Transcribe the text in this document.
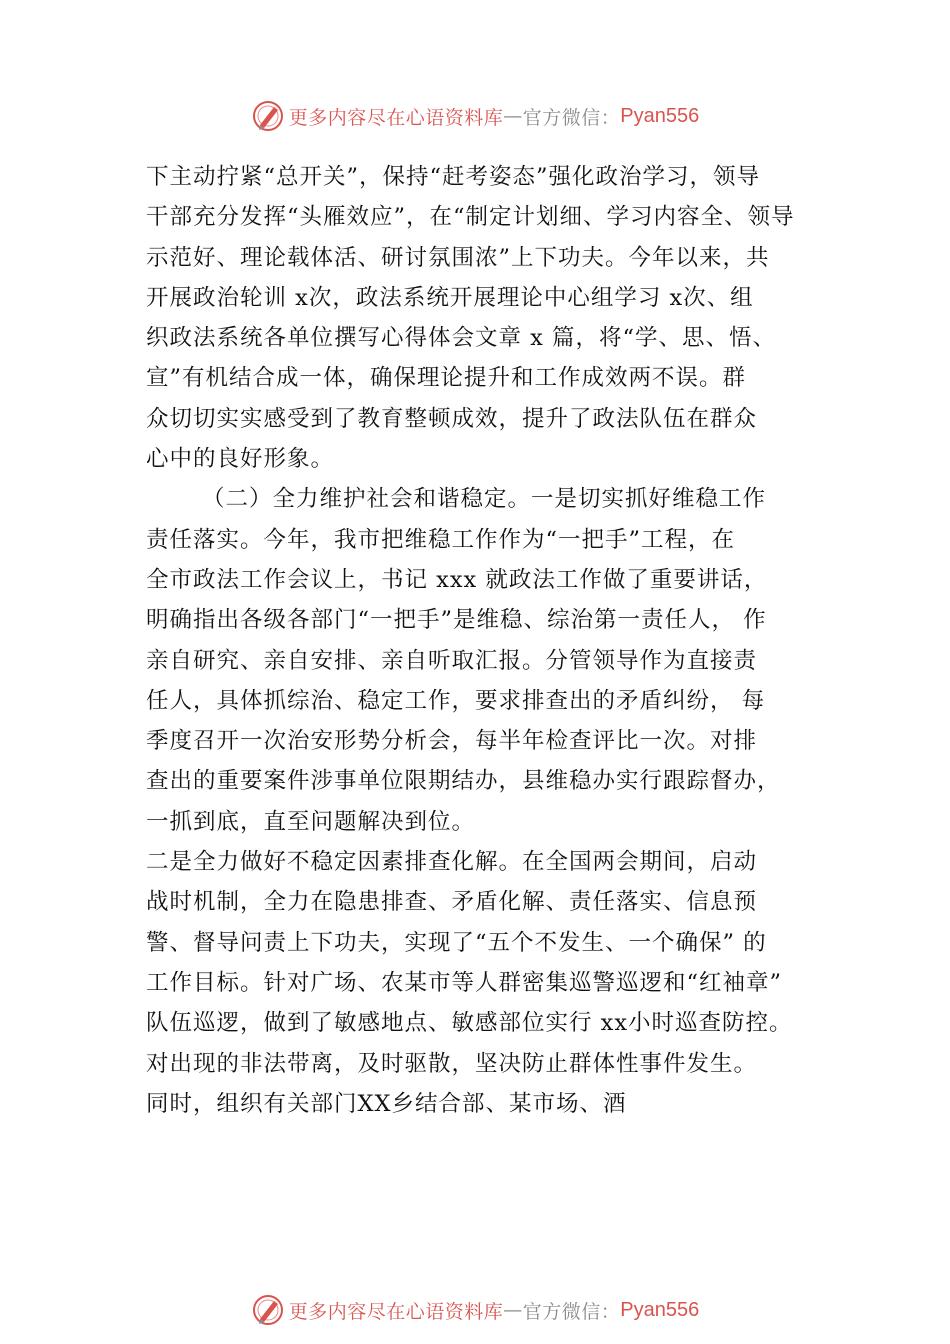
更多内容尽在心语资料库 — 官方微信： Pyan556
下主动拧紧“总开关”，保持“赶考姿态”强化政治学习，领导
干部充分发挥“头雁效应”，在“制定计划细、学习内容全、领导
示范好、理论载体活、研讨氛围浓”上下功夫。今年以来，共
开展政治轮训 x次，政法系统开展理论中心组学习 x次、组
织政法系统各单位撰写心得体会文章 x 篇，将“学、思、悟、
宣”有机结合成一体，确保理论提升和工作成效两不误。群
众切切实实感受到了教育整顿成效，提升了政法队伍在群众
心中的良好形象。
（二）全力维护社会和谐稳定。一是切实抓好维稳工作
责任落实。今年，我市把维稳工作作为“一把手”工程，在
全市政法工作会议上，书记 xxx 就政法工作做了重要讲话，
明确指出各级各部门“一把手”是维稳、综治第一责任人， 作
亲自研究、亲自安排、亲自听取汇报。分管领导作为直接责
任人，具体抓综治、稳定工作，要求排查出的矛盾纠纷， 每
季度召开一次治安形势分析会，每半年检查评比一次。对排
查出的重要案件涉事单位限期结办，县维稳办实行跟踪督办，
一抓到底，直至问题解决到位。
二是全力做好不稳定因素排查化解。在全国两会期间，启动
战时机制，全力在隐患排查、矛盾化解、责任落实、信息预
警、督导问责上下功夫，实现了“五个不发生、一个确保” 的
工作目标。针对广场、农某市等人群密集巡警巡逻和“红袖章”
队伍巡逻，做到了敏感地点、敏感部位实行 xx小时巡查防控。
对出现的非法带离，及时驱散，坚决防止群体性事件发生。
同时，组织有关部门XX乡结合部、某市场、酒
更多内容尽在心语资料库 — 官方微信： Pyan556
